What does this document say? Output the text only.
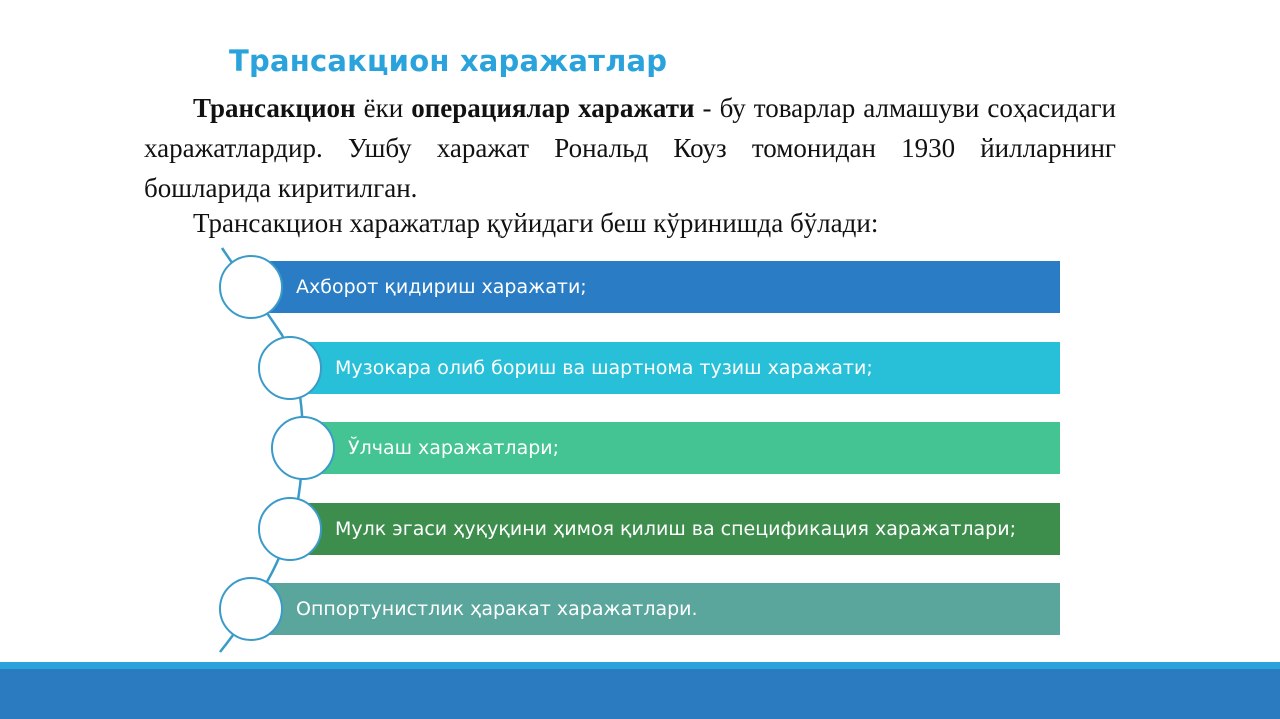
Трансакцион харажатлар

Трансакцион ёки операциялар харажати - бу товарлар алмашуви соҳасидаги харажатлардир. Ушбу харажат Рональд Коуз томонидан 1930 йилларнинг бошларида киритилган.

Трансакцион харажатлар қуйидаги беш кўринишда бўлади:

Ахборот қидириш харажати;
Музокара олиб бориш ва шартнома тузиш харажати;
Ўлчаш харажатлари;
Мулк эгаси ҳуқуқини ҳимоя қилиш ва спецификация харажатлари;
Оппортунистлик ҳаракат харажатлари.
